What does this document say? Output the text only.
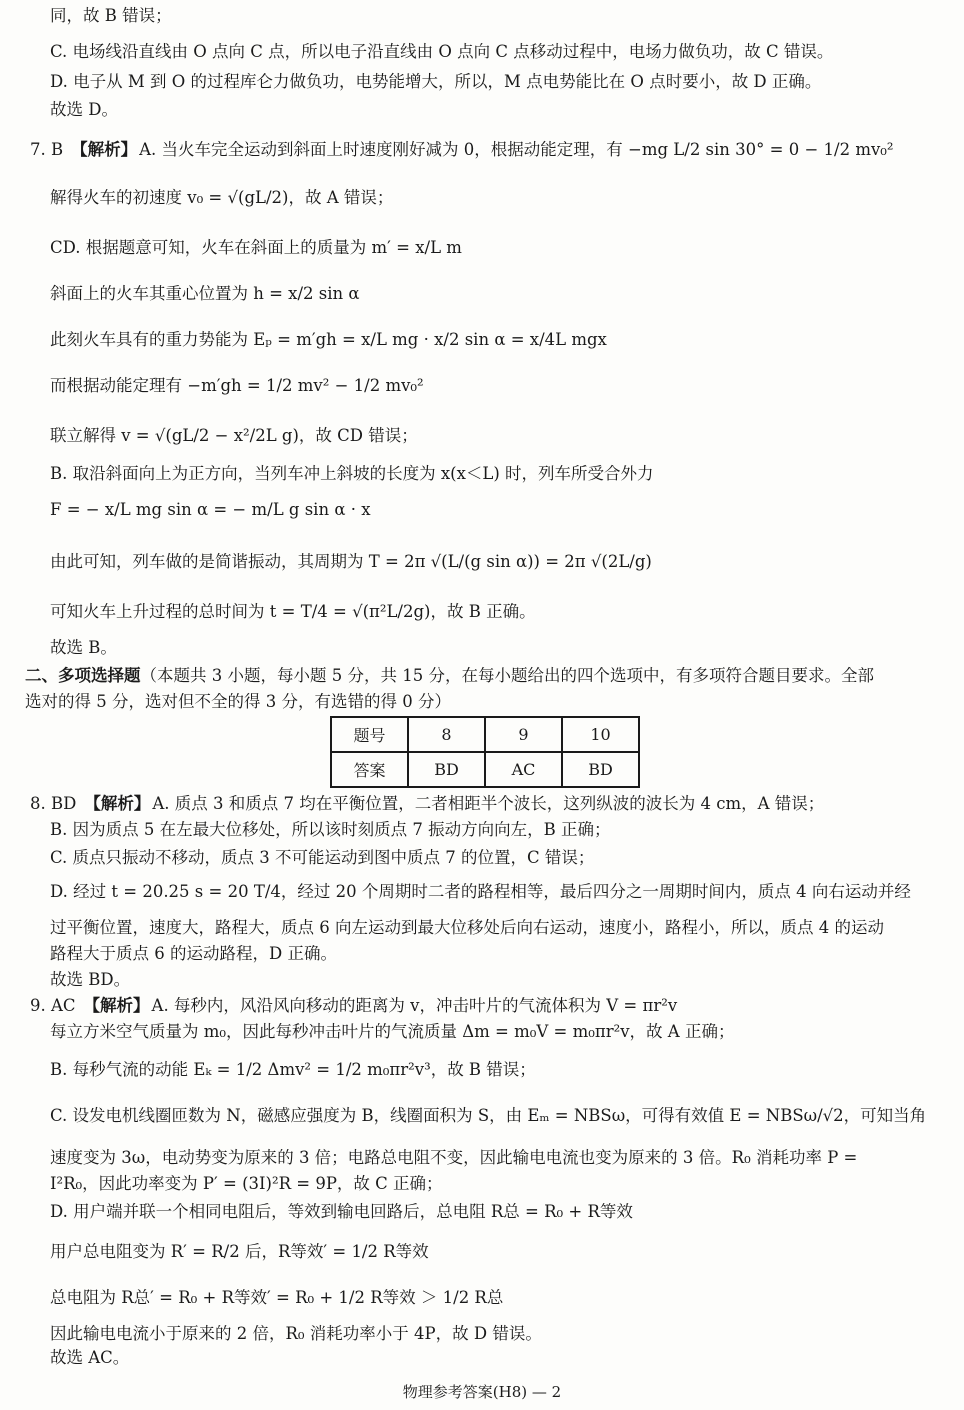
同，故 B 错误；
C. 电场线沿直线由 O 点向 C 点，所以电子沿直线由 O 点向 C 点移动过程中，电场力做负功，故 C 错误。
D. 电子从 M 到 O 的过程库仑力做负功，电势能增大，所以，M 点电势能比在 O 点时要小，故 D 正确。
故选 D。
7. B 【解析】 A. 当火车完全运动到斜面上时速度刚好减为 0，根据动能定理，有 −mg L/2 sin 30° = 0 − 1/2 mv₀²
解得火车的初速度 v₀ = √(gL/2)，故 A 错误；
CD. 根据题意可知，火车在斜面上的质量为 m′ = x/L m
斜面上的火车其重心位置为 h = x/2 sin α
此刻火车具有的重力势能为 Eₚ = m′gh = x/L mg · x/2 sin α = x/4L mgx
而根据动能定理有 −m′gh = 1/2 mv² − 1/2 mv₀²
联立解得 v = √(gL/2 − x²/2L g)，故 CD 错误；
B. 取沿斜面向上为正方向，当列车冲上斜坡的长度为 x(x＜L) 时，列车所受合外力
F = − x/L mg sin α = − m/L g sin α · x
由此可知，列车做的是简谐振动，其周期为 T = 2π √(L/(g sin α)) = 2π √(2L/g)
可知火车上升过程的总时间为 t = T/4 = √(π²L/2g)，故 B 正确。
故选 B。
二、多项选择题（本题共 3 小题，每小题 5 分，共 15 分，在每小题给出的四个选项中，有多项符合题目要求。全部
选对的得 5 分，选对但不全的得 3 分，有选错的得 0 分）
题号	8	9	10
答案	BD	AC	BD
8. BD 【解析】 A. 质点 3 和质点 7 均在平衡位置，二者相距半个波长，这列纵波的波长为 4 cm，A 错误；
B. 因为质点 5 在左最大位移处，所以该时刻质点 7 振动方向向左，B 正确；
C. 质点只振动不移动，质点 3 不可能运动到图中质点 7 的位置，C 错误；
D. 经过 t = 20.25 s = 20 T/4，经过 20 个周期时二者的路程相等，最后四分之一周期时间内，质点 4 向右运动并经
过平衡位置，速度大，路程大，质点 6 向左运动到最大位移处后向右运动，速度小，路程小，所以，质点 4 的运动
路程大于质点 6 的运动路程，D 正确。
故选 BD。
9. AC 【解析】 A. 每秒内，风沿风向移动的距离为 v，冲击叶片的气流体积为 V = πr²v
每立方米空气质量为 m₀，因此每秒冲击叶片的气流质量 Δm = m₀V = m₀πr²v，故 A 正确；
B. 每秒气流的动能 Eₖ = 1/2 Δmv² = 1/2 m₀πr²v³，故 B 错误；
C. 设发电机线圈匝数为 N，磁感应强度为 B，线圈面积为 S，由 Eₘ = NBSω，可得有效值 E = NBSω/√2，可知当角
速度变为 3ω，电动势变为原来的 3 倍；电路总电阻不变，因此输电电流也变为原来的 3 倍。R₀ 消耗功率 P =
I²R₀，因此功率变为 P′ = (3I)²R = 9P，故 C 正确；
D. 用户端并联一个相同电阻后，等效到输电回路后，总电阻 R总 = R₀ + R等效
用户总电阻变为 R′ = R/2 后，R等效′ = 1/2 R等效
总电阻为 R总′ = R₀ + R等效′ = R₀ + 1/2 R等效 ＞ 1/2 R总
因此输电电流小于原来的 2 倍，R₀ 消耗功率小于 4P，故 D 错误。
故选 AC。
物理参考答案(H8) — 2
